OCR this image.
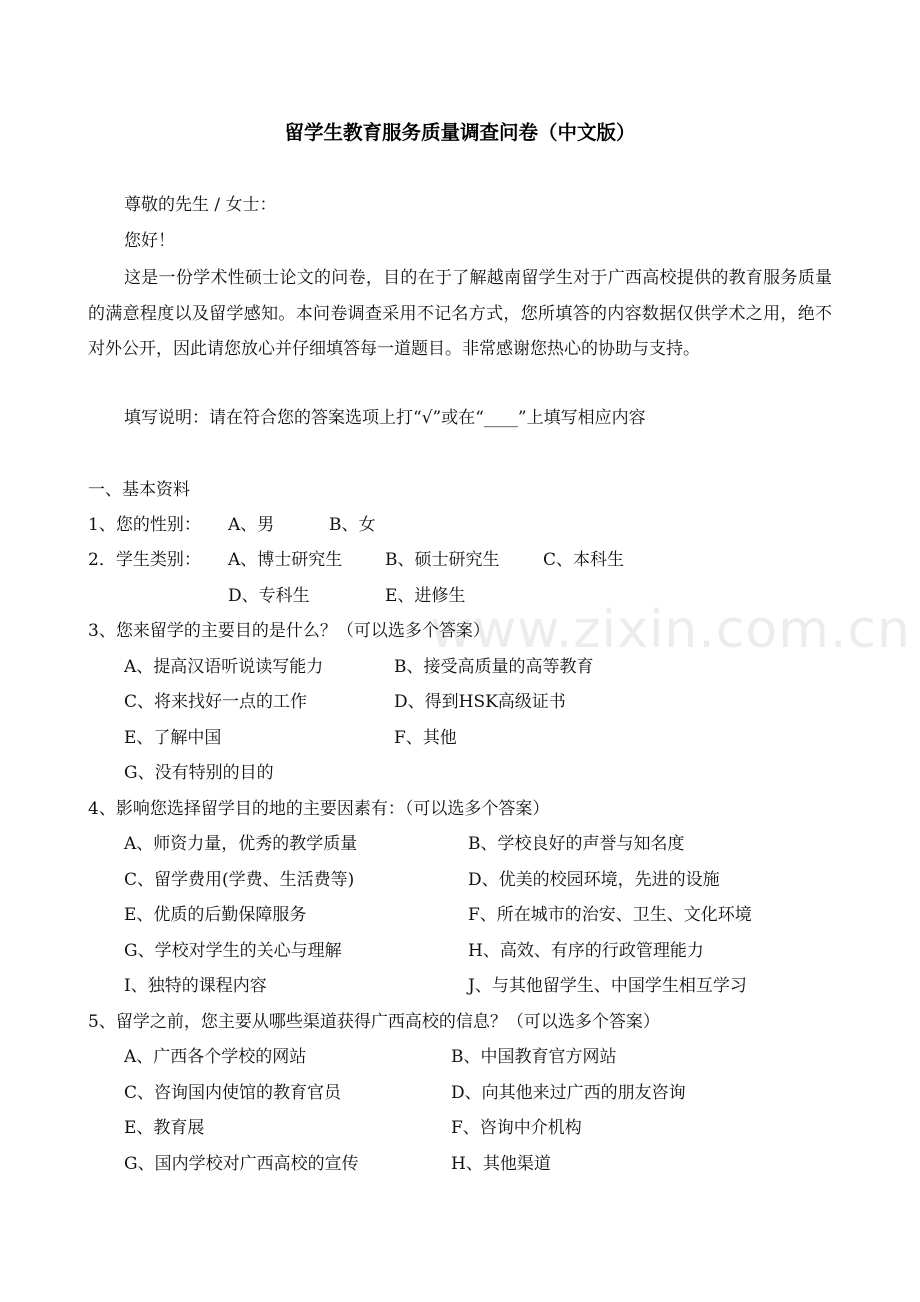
留学生教育服务质量调查问卷（中文版）
尊敬的先生 / 女士：
您好！
这是一份学术性硕士论文的问卷，目的在于了解越南留学生对于广西高校提供的教育服务质量的满意程度以及留学感知。本问卷调查采用不记名方式，您所填答的内容数据仅供学术之用，绝不对外公开，因此请您放心并仔细填答每一道题目。非常感谢您热心的协助与支持。
填写说明：请在符合您的答案选项上打“√”或在“____”上填写相应内容
一、基本资料
1、您的性别： A、男	B、女
2．学生类别： A、博士研究生	B、硕士研究生	C、本科生
D、专科生	E、进修生
3、您来留学的主要目的是什么？（可以选多个答案）
A、提高汉语听说读写能力	B、接受高质量的高等教育
C、将来找好一点的工作	D、得到HSK高级证书
E、了解中国	F、其他
G、没有特别的目的
4、影响您选择留学目的地的主要因素有：（可以选多个答案）
A、师资力量，优秀的教学质量	B、学校良好的声誉与知名度
C、留学费用(学费、生活费等)	D、优美的校园环境，先进的设施
E、优质的后勤保障服务	F、所在城市的治安、卫生、文化环境
G、学校对学生的关心与理解	H、高效、有序的行政管理能力
I、独特的课程内容	J、与其他留学生、中国学生相互学习
5、留学之前，您主要从哪些渠道获得广西高校的信息？（可以选多个答案）
A、广西各个学校的网站	B、中国教育官方网站
C、咨询国内使馆的教育官员	D、向其他来过广西的朋友咨询
E、教育展	F、咨询中介机构
G、国内学校对广西高校的宣传	H、其他渠道
www.zixin.com.cn
